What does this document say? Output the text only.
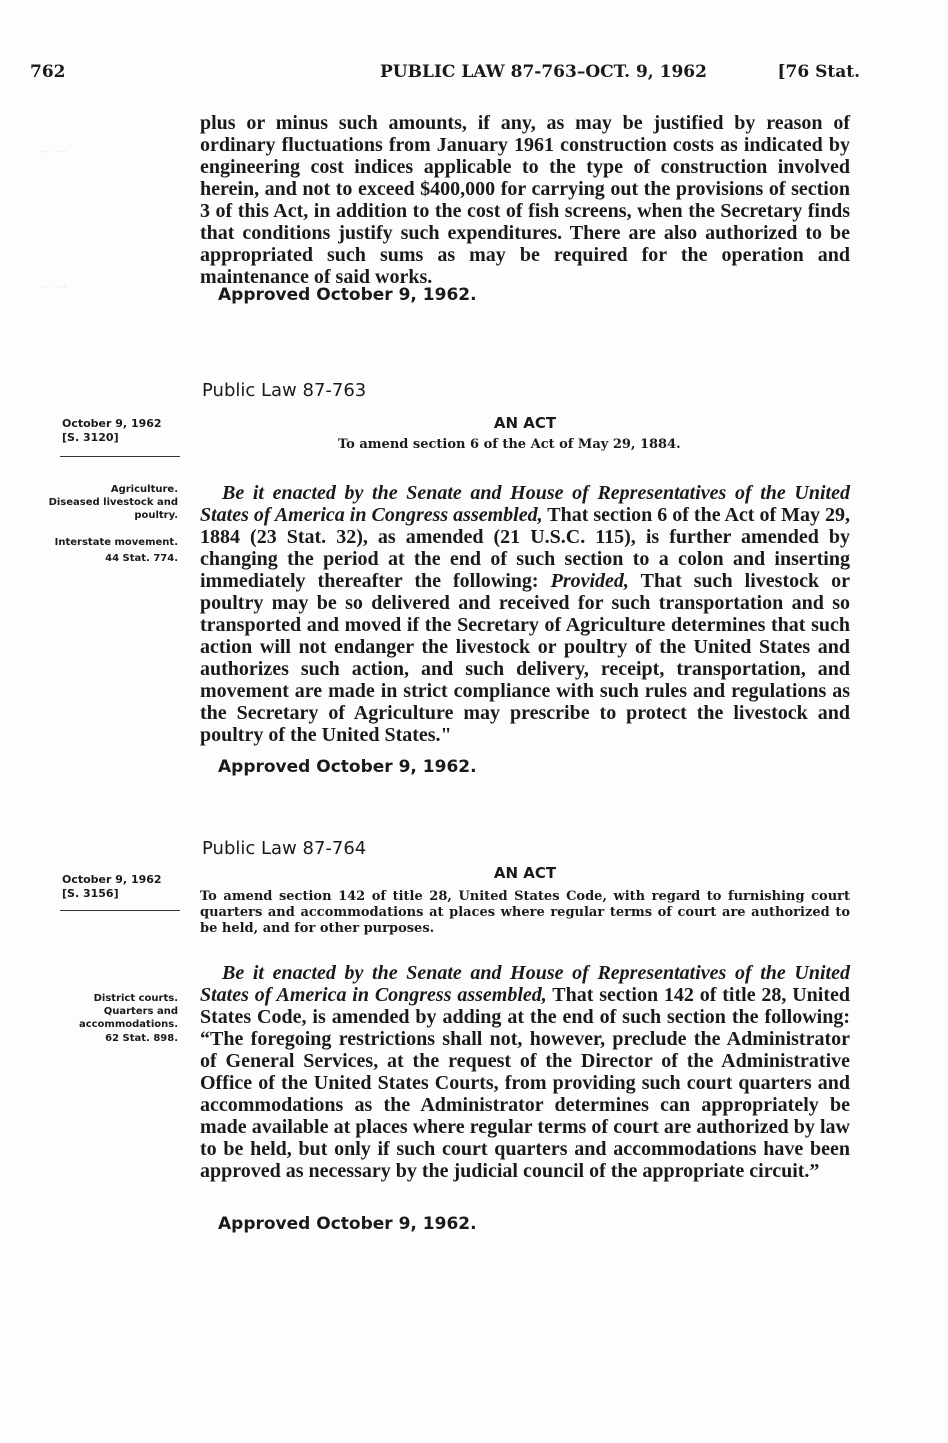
··· ···
·· ····
762	PUBLIC LAW 87-763–OCT. 9, 1962	[76 Stat.

plus or minus such amounts, if any, as may be justified by reason of ordinary fluctuations from January 1961 construction costs as indicated by engineering cost indices applicable to the type of construction involved herein, and not to exceed $400,000 for carrying out the provisions of section 3 of this Act, in addition to the cost of fish screens, when the Secretary finds that conditions justify such expenditures. There are also authorized to be appropriated such sums as may be required for the operation and maintenance of said works.

Approved October 9, 1962.
Public Law 87-763
October 9, 1962
[S. 3120]
AN ACT
To amend section 6 of the Act of May 29, 1884.
Agriculture.
Diseased livestock and poultry.
Interstate movement.
44 Stat. 774.

Be it enacted by the Senate and House of Representatives of the United States of America in Congress assembled, That section 6 of the Act of May 29, 1884 (23 Stat. 32), as amended (21 U.S.C. 115), is further amended by changing the period at the end of such section to a colon and inserting immediately thereafter the following: Provided, That such livestock or poultry may be so delivered and received for such transportation and so transported and moved if the Secretary of Agriculture determines that such action will not endanger the livestock or poultry of the United States and authorizes such action, and such delivery, receipt, transportation, and movement are made in strict compliance with such rules and regulations as the Secretary of Agriculture may prescribe to protect the livestock and poultry of the United States."

Approved October 9, 1962.
Public Law 87-764
October 9, 1962
[S. 3156]
AN ACT
To amend section 142 of title 28, United States Code, with regard to furnishing court quarters and accommodations at places where regular terms of court are authorized to be held, and for other purposes.
District courts.
Quarters and accommodations.
62 Stat. 898.

Be it enacted by the Senate and House of Representatives of the United States of America in Congress assembled, That section 142 of title 28, United States Code, is amended by adding at the end of such section the following: “The foregoing restrictions shall not, however, preclude the Administrator of General Services, at the request of the Director of the Administrative Office of the United States Courts, from providing such court quarters and accommodations as the Administrator determines can appropriately be made available at places where regular terms of court are authorized by law to be held, but only if such court quarters and accommodations have been approved as necessary by the judicial council of the appropriate circuit.”

Approved October 9, 1962.
